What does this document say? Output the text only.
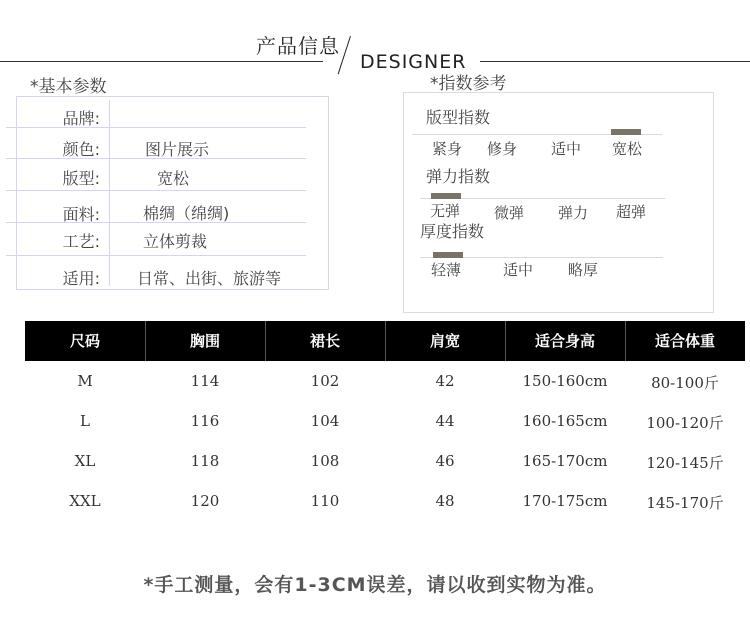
产品信息
DESIGNER
*基本参数
品牌:
颜色:	图片展示
版型:	宽松
面料:	棉绸（绵绸)
工艺:	立体剪裁
适用: 日常、出街、旅游等
*指数参考
版型指数
紧身 修身 适中 宽松
弹力指数
无弹 微弹 弹力 超弹
厚度指数
轻薄	适中 略厚
尺码	胸围	裙长	肩宽	适合身高	适合体重
M	114	102	42	150-160cm	80-100斤
L	116	104	44	160-165cm	100-120斤
XL	118	108	46	165-170cm	120-145斤
XXL	120	110	48	170-175cm	145-170斤
*手工测量，会有1-3CM误差，请以收到实物为准。
